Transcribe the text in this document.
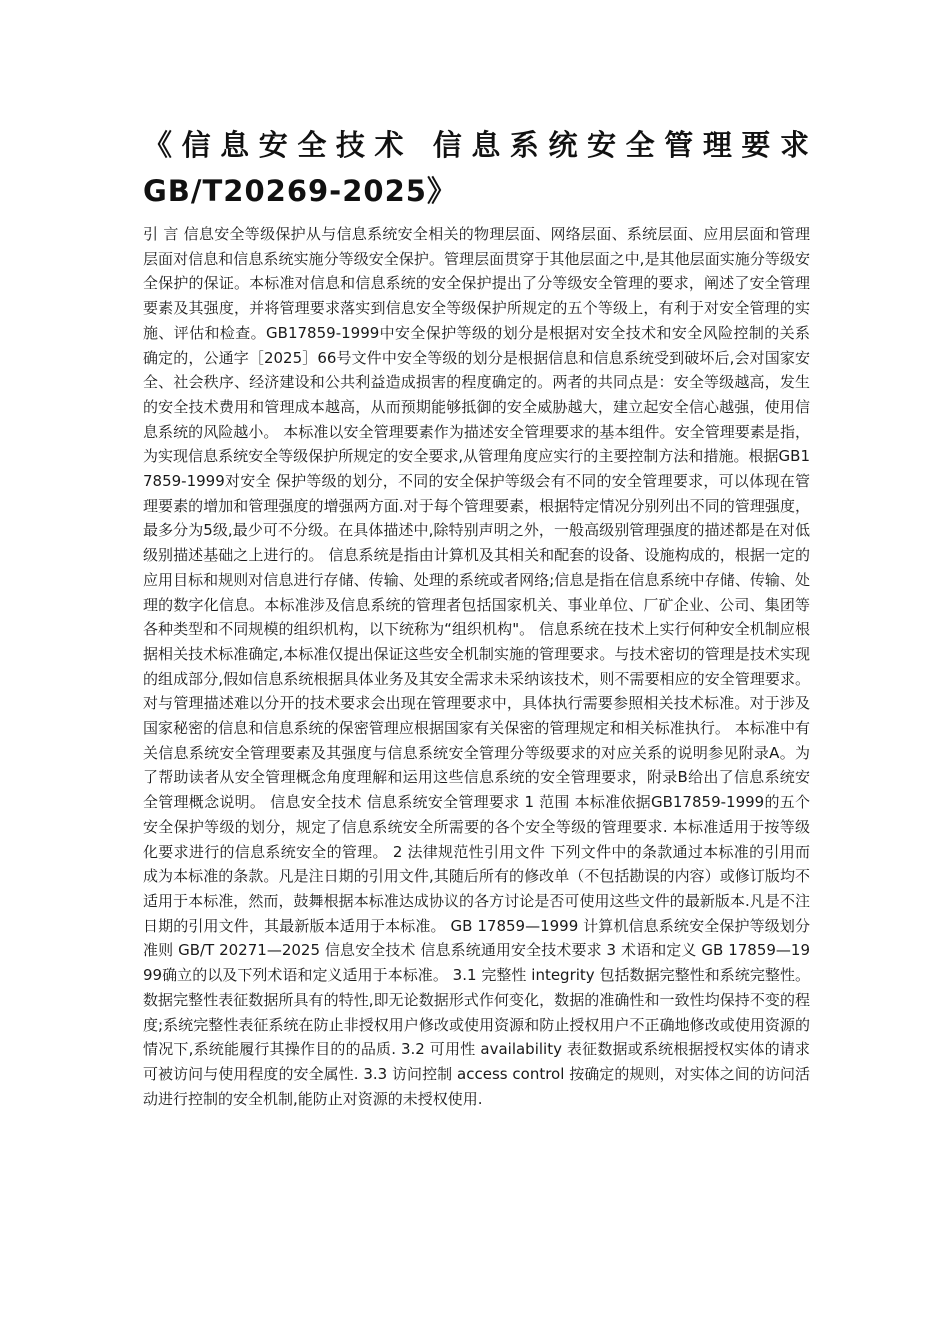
《信息安全技术 信息系统安全管理要求GB/T20269-2025》

引 言 信息安全等级保护从与信息系统安全相关的物理层面、网络层面、系统层面、应用层面和管理层面对信息和信息系统实施分等级安全保护。管理层面贯穿于其他层面之中,是其他层面实施分等级安全保护的保证。本标准对信息和信息系统的安全保护提出了分等级安全管理的要求，阐述了安全管理要素及其强度，并将管理要求落实到信息安全等级保护所规定的五个等级上，有利于对安全管理的实施、评估和检查。GB17859-1999中安全保护等级的划分是根据对安全技术和安全风险控制的关系确定的，公通字［2025］66号文件中安全等级的划分是根据信息和信息系统受到破坏后,会对国家安全、社会秩序、经济建设和公共利益造成损害的程度确定的。两者的共同点是：安全等级越高，发生的安全技术费用和管理成本越高，从而预期能够抵御的安全威胁越大，建立起安全信心越强，使用信息系统的风险越小。 本标准以安全管理要素作为描述安全管理要求的基本组件。安全管理要素是指，为实现信息系统安全等级保护所规定的安全要求,从管理角度应实行的主要控制方法和措施。根据GB17859-1999对安全 保护等级的划分，不同的安全保护等级会有不同的安全管理要求，可以体现在管理要素的增加和管理强度的增强两方面.对于每个管理要素，根据特定情况分别列出不同的管理强度，最多分为5级,最少可不分级。在具体描述中,除特别声明之外，一般高级别管理强度的描述都是在对低级别描述基础之上进行的。 信息系统是指由计算机及其相关和配套的设备、设施构成的，根据一定的应用目标和规则对信息进行存储、传输、处理的系统或者网络;信息是指在信息系统中存储、传输、处理的数字化信息。本标准涉及信息系统的管理者包括国家机关、事业单位、厂矿企业、公司、集团等各种类型和不同规模的组织机构，以下统称为“组织机构"。 信息系统在技术上实行何种安全机制应根据相关技术标准确定,本标准仅提出保证这些安全机制实施的管理要求。与技术密切的管理是技术实现的组成部分,假如信息系统根据具体业务及其安全需求未采纳该技术，则不需要相应的安全管理要求。对与管理描述难以分开的技术要求会出现在管理要求中，具体执行需要参照相关技术标准。对于涉及国家秘密的信息和信息系统的保密管理应根据国家有关保密的管理规定和相关标准执行。 本标准中有关信息系统安全管理要素及其强度与信息系统安全管理分等级要求的对应关系的说明参见附录A。为了帮助读者从安全管理概念角度理解和运用这些信息系统的安全管理要求，附录B给出了信息系统安全管理概念说明。 信息安全技术 信息系统安全管理要求 1 范围 本标准依据GB17859-1999的五个安全保护等级的划分，规定了信息系统安全所需要的各个安全等级的管理要求. 本标准适用于按等级化要求进行的信息系统安全的管理。 2 法律规范性引用文件 下列文件中的条款通过本标准的引用而成为本标准的条款。凡是注日期的引用文件,其随后所有的修改单（不包括勘误的内容）或修订版均不适用于本标准，然而，鼓舞根据本标准达成协议的各方讨论是否可使用这些文件的最新版本.凡是不注日期的引用文件，其最新版本适用于本标准。 GB 17859—1999 计算机信息系统安全保护等级划分准则 GB/T 20271—2025 信息安全技术 信息系统通用安全技术要求 3 术语和定义 GB 17859—1999确立的以及下列术语和定义适用于本标准。 3.1 完整性 integrity 包括数据完整性和系统完整性。数据完整性表征数据所具有的特性,即无论数据形式作何变化，数据的准确性和一致性均保持不变的程度;系统完整性表征系统在防止非授权用户修改或使用资源和防止授权用户不正确地修改或使用资源的情况下,系统能履行其操作目的的品质. 3.2 可用性 availability 表征数据或系统根据授权实体的请求可被访问与使用程度的安全属性. 3.3 访问控制 access control 按确定的规则，对实体之间的访问活动进行控制的安全机制,能防止对资源的未授权使用.
